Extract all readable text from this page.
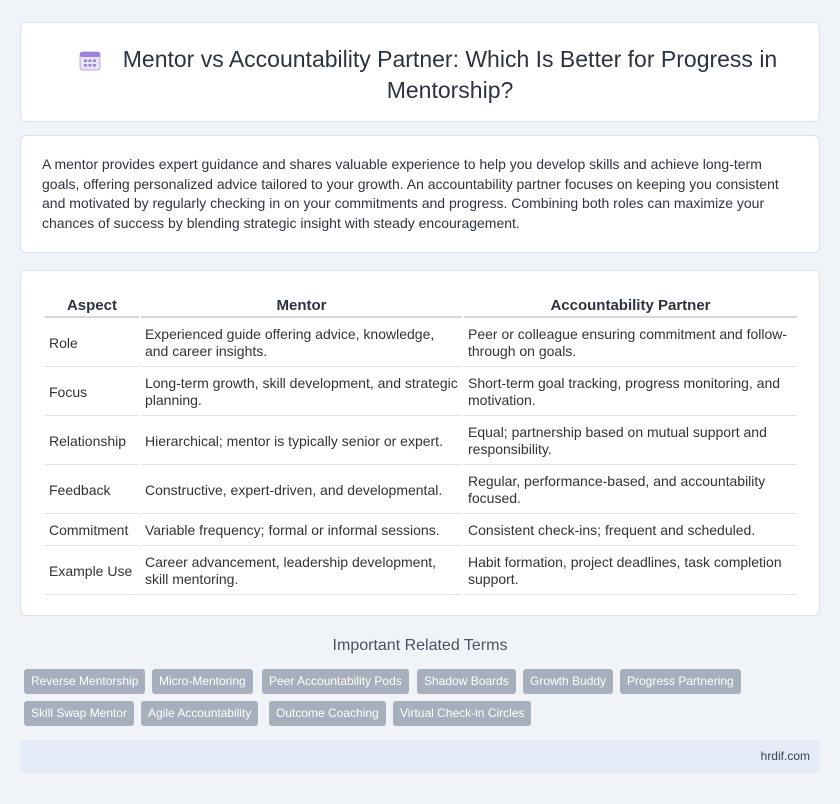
Mentor vs Accountability Partner: Which Is Better for Progress in Mentorship?

A mentor provides expert guidance and shares valuable experience to help you develop skills and achieve long-term goals, offering personalized advice tailored to your growth. An accountability partner focuses on keeping you consistent and motivated by regularly checking in on your commitments and progress. Combining both roles can maximize your chances of success by blending strategic insight with steady encouragement.

Aspect	Mentor	Accountability Partner
Role	Experienced guide offering advice, knowledge, and career insights.	Peer or colleague ensuring commitment and follow-through on goals.
Focus	Long-term growth, skill development, and strategic planning.	Short-term goal tracking, progress monitoring, and motivation.
Relationship	Hierarchical; mentor is typically senior or expert.	Equal; partnership based on mutual support and responsibility.
Feedback	Constructive, expert-driven, and developmental.	Regular, performance-based, and accountability focused.
Commitment	Variable frequency; formal or informal sessions.	Consistent check-ins; frequent and scheduled.
Example Use	Career advancement, leadership development, skill mentoring.	Habit formation, project deadlines, task completion support.
Important Related Terms
Reverse Mentorship	Micro-Mentoring	Peer Accountability Pods	Shadow Boards	Growth Buddy	Progress Partnering
Skill Swap Mentor	Agile Accountability	Outcome Coaching	Virtual Check-in Circles
hrdif.com
